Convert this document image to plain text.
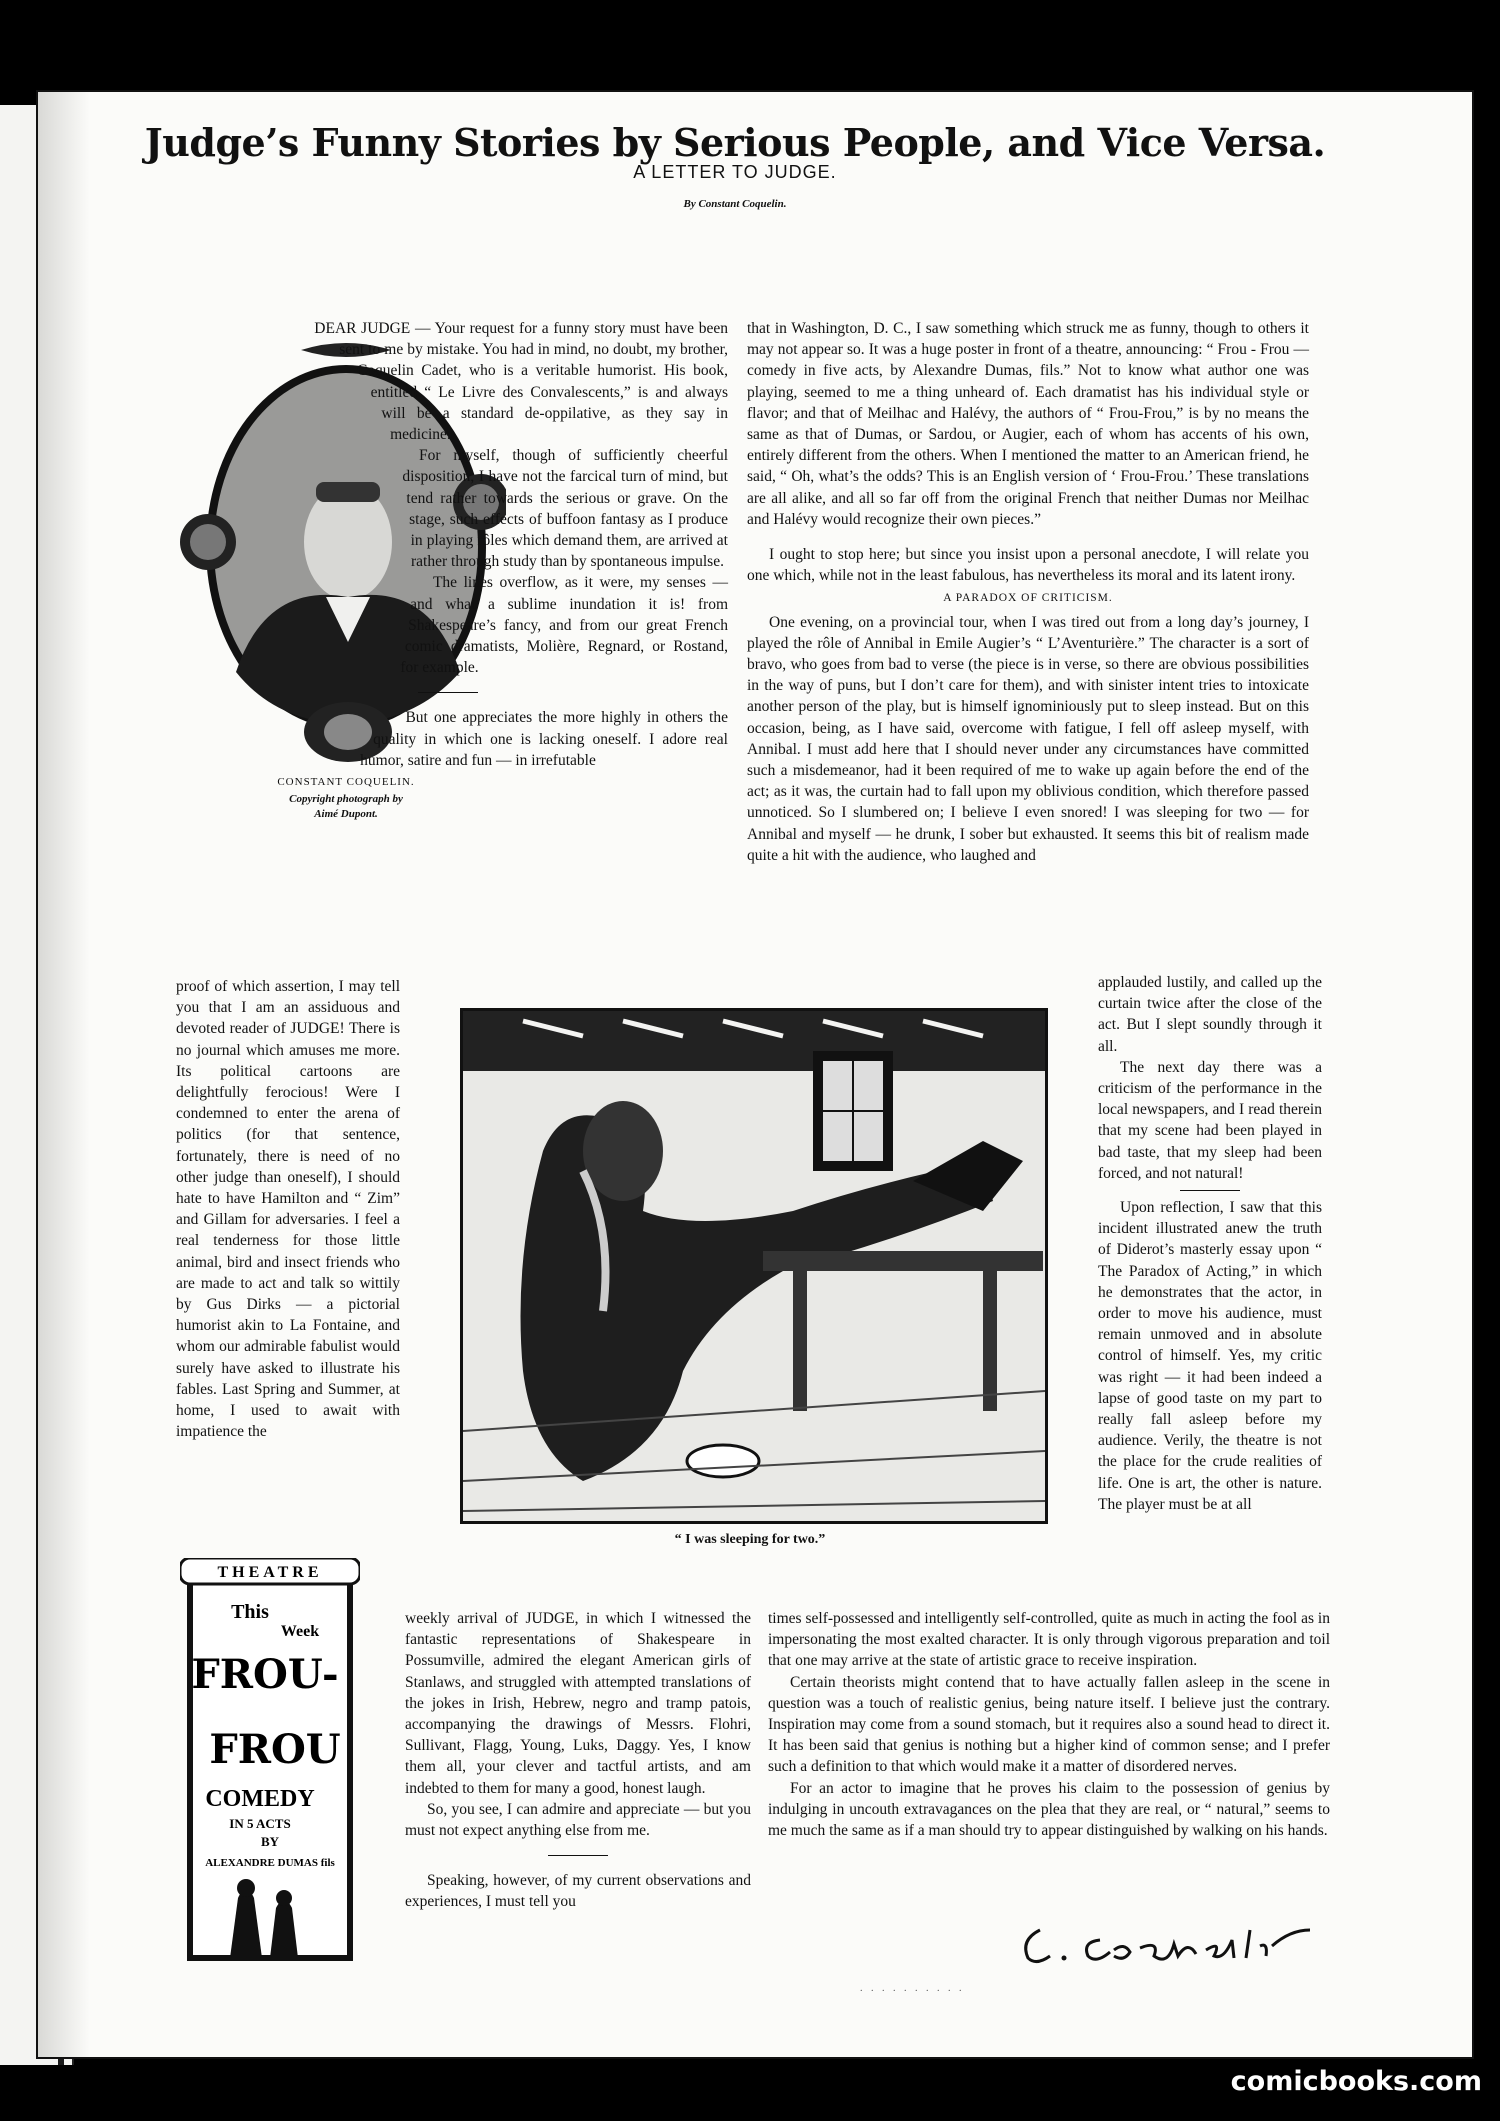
Judge’s Funny Stories by Serious People, and Vice Versa.
A LETTER TO JUDGE.
By Constant Coquelin.
CONSTANT COQUELIN.
Copyright photograph by
Aimé Dupont.

DEAR JUDGE — Your request for a funny story must have been sent to me by mistake. You had in mind, no doubt, my brother, Coquelin Cadet, who is a veritable humorist. His book, entitled “ Le Livre des Convalescents,” is and always will be a standard de-oppilative, as they say in medicine.

For myself, though of sufficiently cheerful disposition, I have not the farcical turn of mind, but tend rather towards the serious or grave. On the stage, such effects of buffoon fantasy as I produce in playing rôles which demand them, are arrived at rather through study than by spontaneous impulse.

The lines overflow, as it were, my senses — and what a sublime inundation it is! from Shakespeare’s fancy, and from our great French comic dramatists, Molière, Regnard, or Rostand, for example.

But one appreciates the more highly in others the quality in which one is lacking oneself. I adore real humor, satire and fun — in irrefutable

proof of which assertion, I may tell you that I am an assiduous and devoted reader of JUDGE! There is no journal which amuses me more. Its political cartoons are delightfully ferocious! Were I condemned to enter the arena of politics (for that sentence, fortunately, there is need of no other judge than oneself), I should hate to have Hamilton and “ Zim” and Gillam for adversaries. I feel a real tenderness for those little animal, bird and insect friends who are made to act and talk so wittily by Gus Dirks — a pictorial humorist akin to La Fontaine, and whom our admirable fabulist would surely have asked to illustrate his fables. Last Spring and Summer, at home, I used to await with impatience the

that in Washington, D. C., I saw something which struck me as funny, though to others it may not appear so. It was a huge poster in front of a theatre, announcing: “ Frou - Frou — comedy in five acts, by Alexandre Dumas, fils.” Not to know what author one was playing, seemed to me a thing unheard of. Each dramatist has his individual style or flavor; and that of Meilhac and Halévy, the authors of “ Frou-Frou,” is by no means the same as that of Dumas, or Sardou, or Augier, each of whom has accents of his own, entirely different from the others. When I mentioned the matter to an American friend, he said, “ Oh, what’s the odds? This is an English version of ‘ Frou-Frou.’ These translations are all alike, and all so far off from the original French that neither Dumas nor Meilhac and Halévy would recognize their own pieces.”

I ought to stop here; but since you insist upon a personal anecdote, I will relate you one which, while not in the least fabulous, has nevertheless its moral and its latent irony.

A PARADOX OF CRITICISM.

One evening, on a provincial tour, when I was tired out from a long day’s journey, I played the rôle of Annibal in Emile Augier’s “ L’Aventurière.” The character is a sort of bravo, who goes from bad to verse (the piece is in verse, so there are obvious possibilities in the way of puns, but I don’t care for them), and with sinister intent tries to intoxicate another person of the play, but is himself ignominiously put to sleep instead. But on this occasion, being, as I have said, overcome with fatigue, I fell off asleep myself, with Annibal. I must add here that I should never under any circumstances have committed such a misdemeanor, had it been required of me to wake up again before the end of the act; as it was, the curtain had to fall upon my oblivious condition, which therefore passed unnoticed. So I slumbered on; I believe I even snored! I was sleeping for two — for Annibal and myself — he drunk, I sober but exhausted. It seems this bit of realism made quite a hit with the audience, who laughed and

applauded lustily, and called up the curtain twice after the close of the act. But I slept soundly through it all.

The next day there was a criticism of the performance in the local newspapers, and I read therein that my scene had been played in bad taste, that my sleep had been forced, and not natural!

Upon reflection, I saw that this incident illustrated anew the truth of Diderot’s masterly essay upon “ The Paradox of Acting,” in which he demonstrates that the actor, in order to move his audience, must remain unmoved and in absolute control of himself. Yes, my critic was right — it had been indeed a lapse of good taste on my part to really fall asleep before my audience. Verily, the theatre is not the place for the crude realities of life. One is art, the other is nature. The player must be at all

“ I was sleeping for two.”
THEATRE
This
Week
FROU-
FROU
COMEDY
IN 5 ACTS
BY
ALEXANDRE DUMAS fils

weekly arrival of JUDGE, in which I witnessed the fantastic representations of Shakespeare in Possumville, admired the elegant American girls of Stanlaws, and struggled with attempted translations of the jokes in Irish, Hebrew, negro and tramp patois, accompanying the drawings of Messrs. Flohri, Sullivant, Flagg, Young, Luks, Daggy. Yes, I know them all, your clever and tactful artists, and am indebted to them for many a good, honest laugh.

So, you see, I can admire and appreciate — but you must not expect anything else from me.

Speaking, however, of my current observations and experiences, I must tell you

times self-possessed and intelligently self-controlled, quite as much in acting the fool as in impersonating the most exalted character. It is only through vigorous preparation and toil that one may arrive at the state of artistic grace to receive inspiration.

Certain theorists might contend that to have actually fallen asleep in the scene in question was a touch of realistic genius, being nature itself. I believe just the contrary. Inspiration may come from a sound stomach, but it requires also a sound head to direct it. It has been said that genius is nothing but a higher kind of common sense; and I prefer such a definition to that which would make it a matter of disordered nerves.

For an actor to imagine that he proves his claim to the possession of genius by indulging in uncouth extravagances on the plea that they are real, or “ natural,” seems to me much the same as if a man should try to appear distinguished by walking on his hands.

. . . . . . . . . .
comicbooks.com
